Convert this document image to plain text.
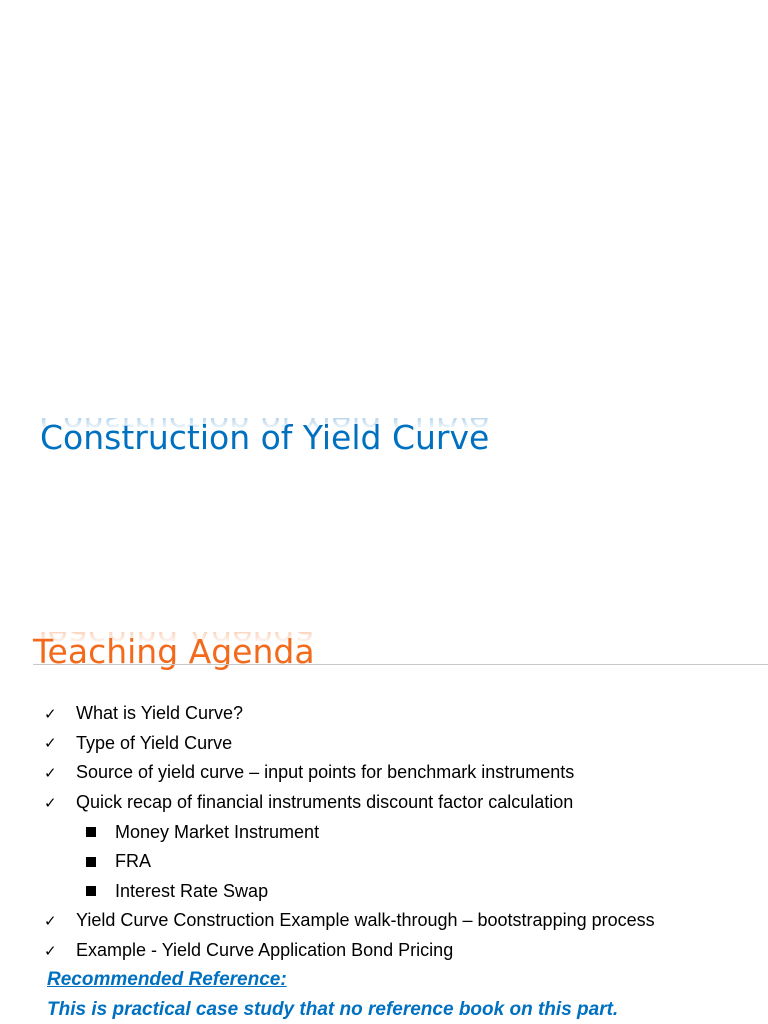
Construction of Yield Curve Construction of Yield Curve
Teaching Agenda Teaching Agenda
✓	What is Yield Curve?
✓	Type of Yield Curve
✓	Source of yield curve – input points for benchmark instruments
✓	Quick recap of financial instruments discount factor calculation
Money Market Instrument
FRA
Interest Rate Swap
✓	Yield Curve Construction Example walk-through – bootstrapping process
✓	Example - Yield Curve Application Bond Pricing
Recommended Reference:
This is practical case study that no reference book on this part.
